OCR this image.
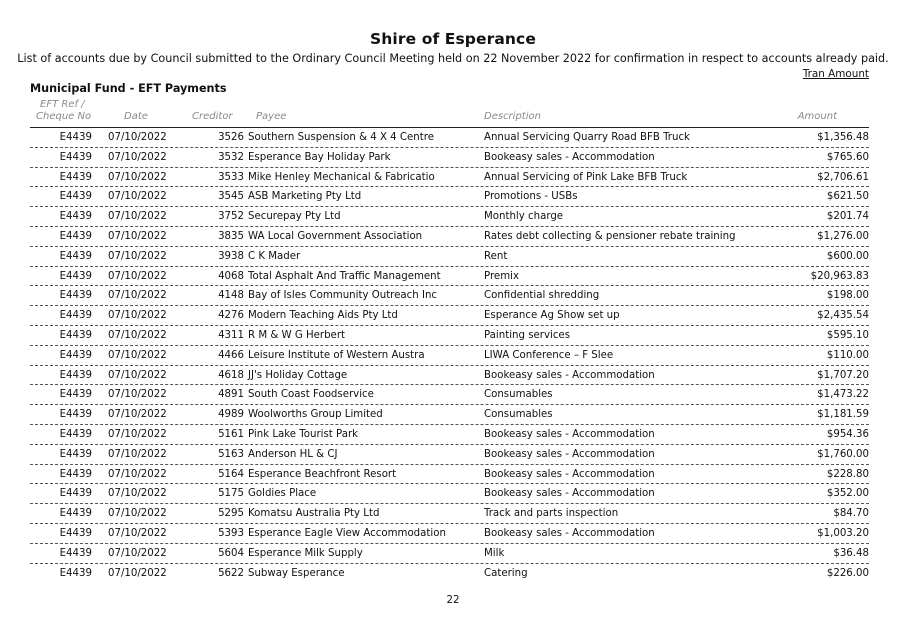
Shire of Esperance
List of accounts due by Council submitted to the Ordinary Council Meeting held on 22 November 2022 for confirmation in respect to accounts already paid.
Tran Amount
Municipal Fund - EFT Payments
EFT Ref /
Cheque No	Date	Creditor Payee	Description	Amount
E4439 07/10/2022	3526 Southern Suspension & 4 X 4 Centre	Annual Servicing Quarry Road BFB Truck	$1,356.48
E4439 07/10/2022	3532 Esperance Bay Holiday Park	Bookeasy sales - Accommodation	$765.60
E4439 07/10/2022	3533 Mike Henley Mechanical & Fabricatio	Annual Servicing of Pink Lake BFB Truck	$2,706.61
E4439 07/10/2022	3545 ASB Marketing Pty Ltd	Promotions - USBs	$621.50
E4439 07/10/2022	3752 Securepay Pty Ltd	Monthly charge	$201.74
E4439 07/10/2022	3835 WA Local Government Association	Rates debt collecting & pensioner rebate training	$1,276.00
E4439 07/10/2022	3938 C K Mader	Rent	$600.00
E4439 07/10/2022	4068 Total Asphalt And Traffic Management	Premix	$20,963.83
E4439 07/10/2022	4148 Bay of Isles Community Outreach Inc	Confidential shredding	$198.00
E4439 07/10/2022	4276 Modern Teaching Aids Pty Ltd	Esperance Ag Show set up	$2,435.54
E4439 07/10/2022	4311 R M & W G Herbert	Painting services	$595.10
E4439 07/10/2022	4466 Leisure Institute of Western Austra	LIWA Conference – F Slee	$110.00
E4439 07/10/2022	4618 JJ's Holiday Cottage	Bookeasy sales - Accommodation	$1,707.20
E4439 07/10/2022	4891 South Coast Foodservice	Consumables	$1,473.22
E4439 07/10/2022	4989 Woolworths Group Limited	Consumables	$1,181.59
E4439 07/10/2022	5161 Pink Lake Tourist Park	Bookeasy sales - Accommodation	$954.36
E4439 07/10/2022	5163 Anderson HL & CJ	Bookeasy sales - Accommodation	$1,760.00
E4439 07/10/2022	5164 Esperance Beachfront Resort	Bookeasy sales - Accommodation	$228.80
E4439 07/10/2022	5175 Goldies Place	Bookeasy sales - Accommodation	$352.00
E4439 07/10/2022	5295 Komatsu Australia Pty Ltd	Track and parts inspection	$84.70
E4439 07/10/2022	5393 Esperance Eagle View Accommodation	Bookeasy sales - Accommodation	$1,003.20
E4439 07/10/2022	5604 Esperance Milk Supply	Milk	$36.48
E4439 07/10/2022	5622 Subway Esperance	Catering	$226.00
22
